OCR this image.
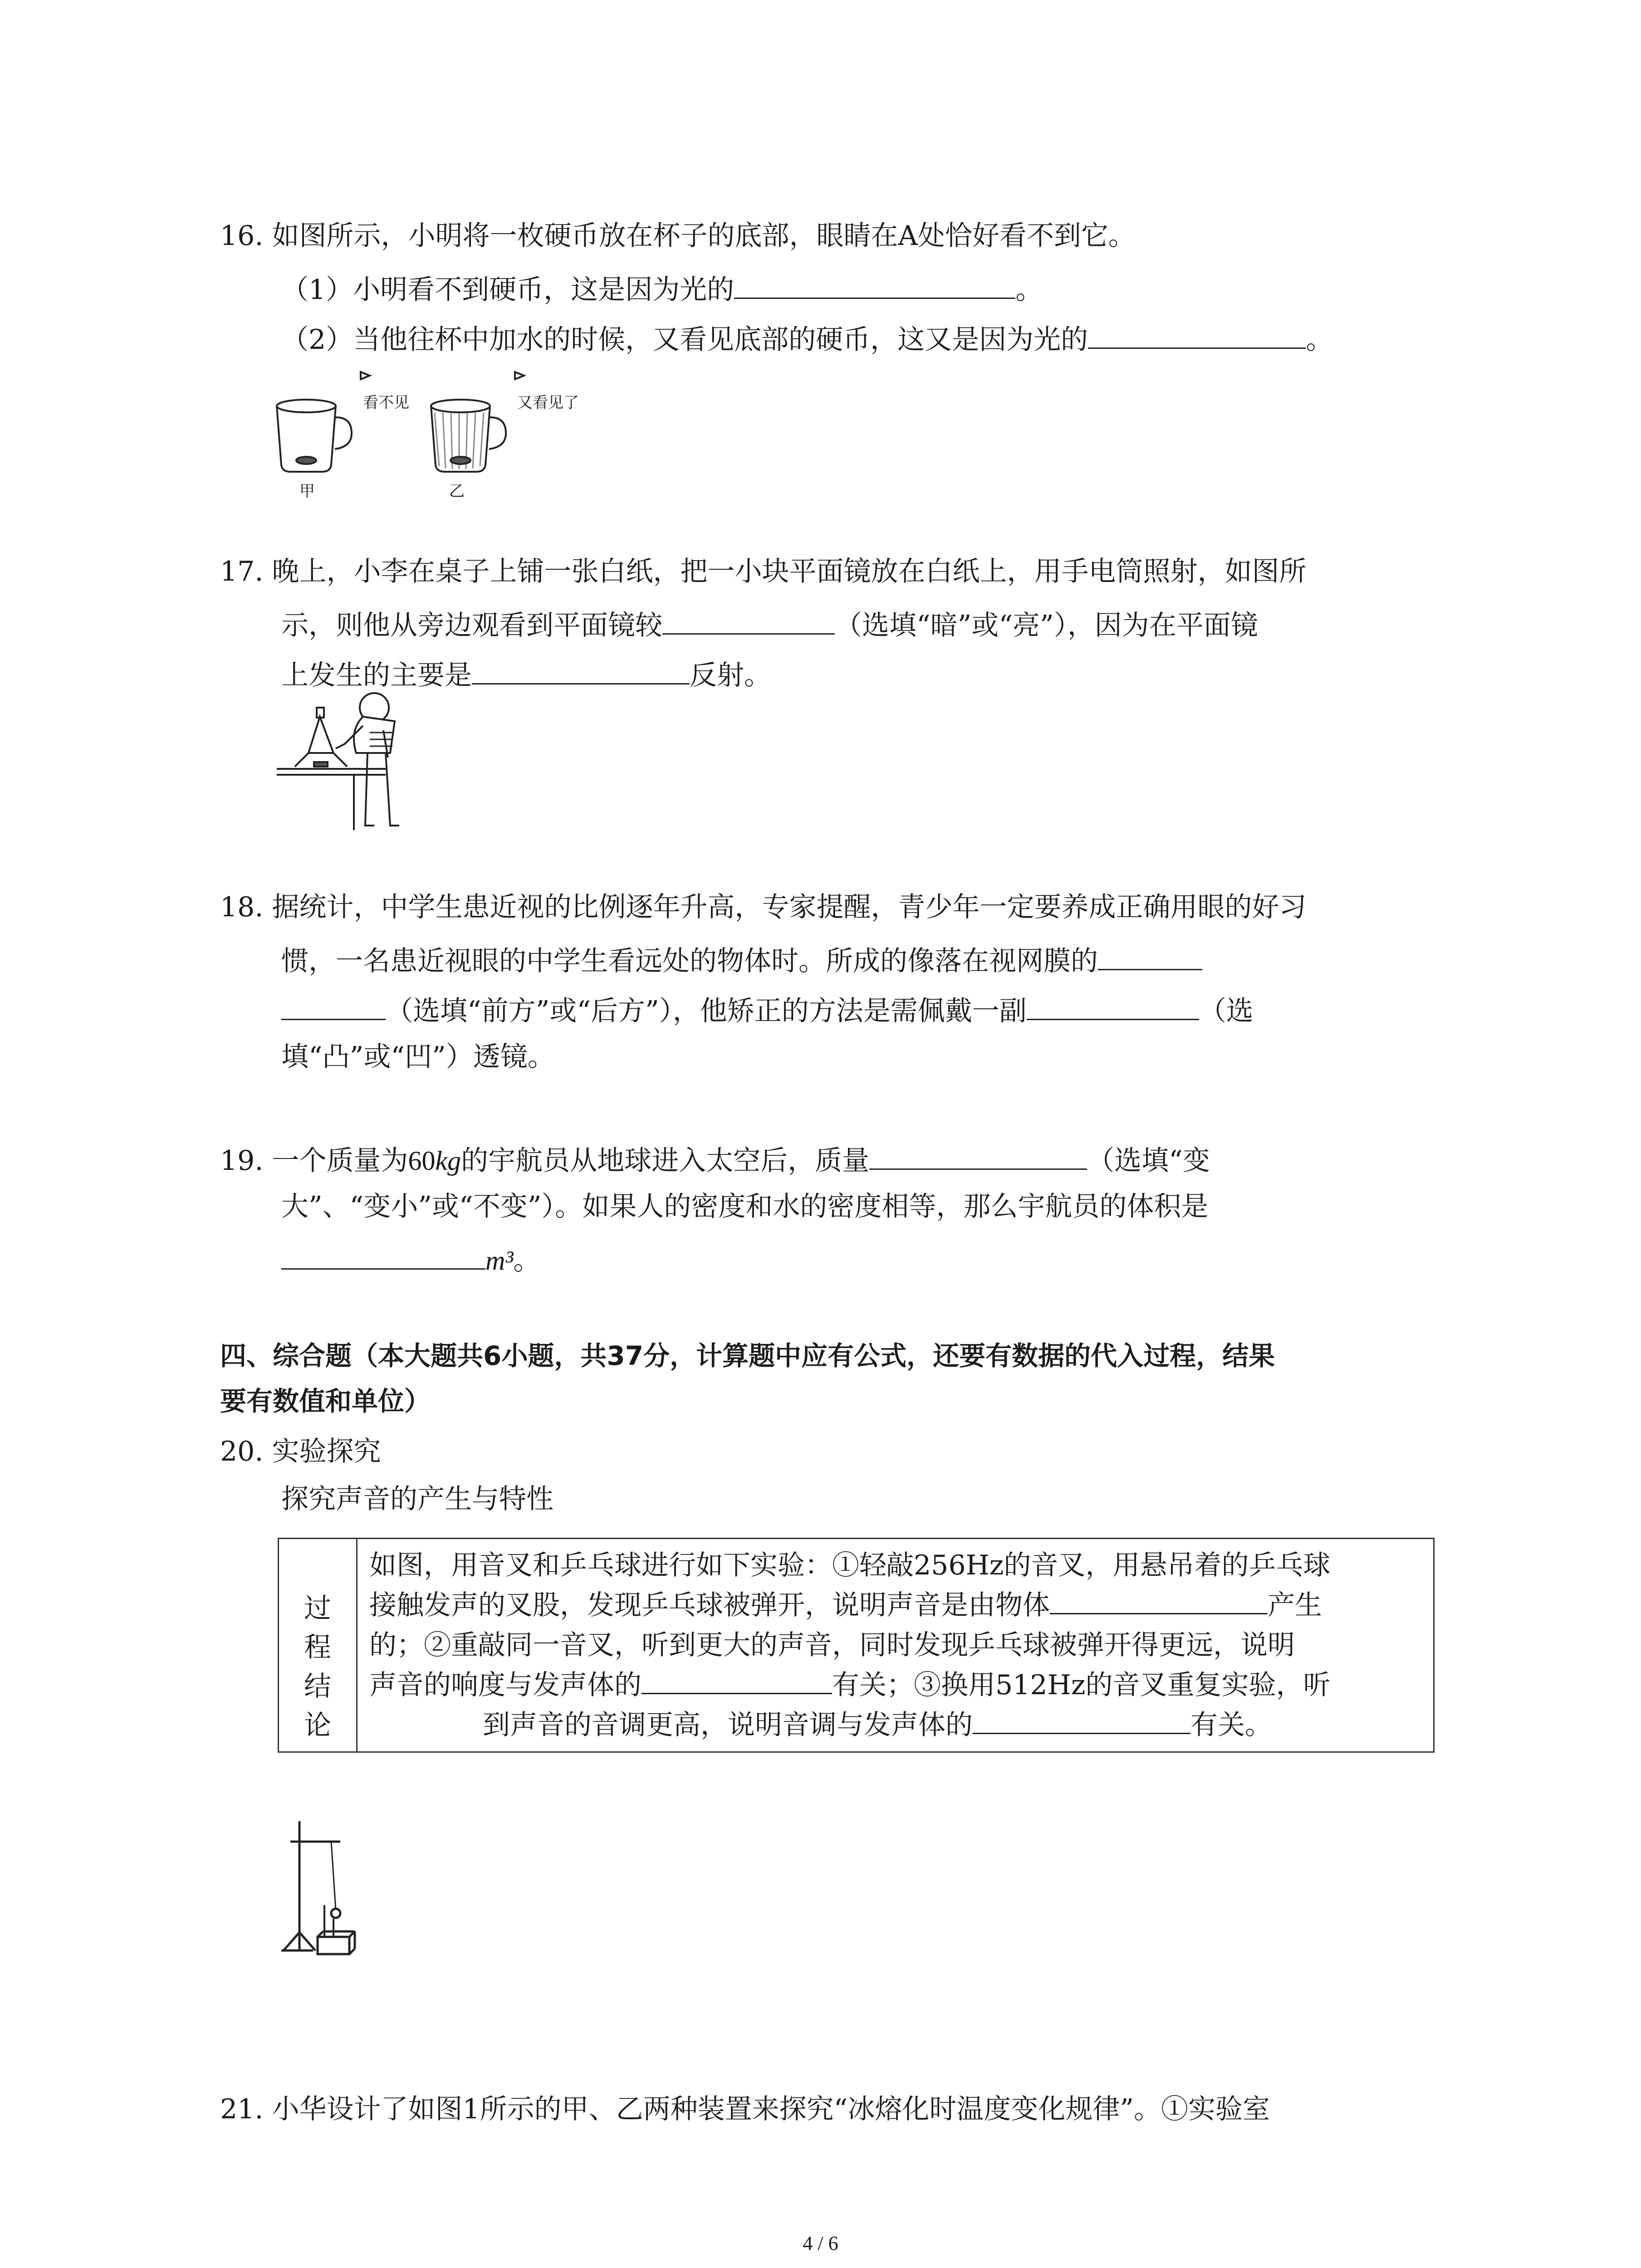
16. 如图所示，小明将一枚硬币放在杯子的底部，眼睛在A处恰好看不到它。
（1）小明看不到硬币，这是因为光的	。
（2）当他往杯中加水的时候，又看见底部的硬币，这又是因为光的	。
看不见	又看见了
甲	乙
17. 晚上，小李在桌子上铺一张白纸，把一小块平面镜放在白纸上，用手电筒照射，如图所
示，则他从旁边观看到平面镜较	（选填“暗”或“亮”），因为在平面镜
上发生的主要是	反射。
18. 据统计，中学生患近视的比例逐年升高，专家提醒，青少年一定要养成正确用眼的好习
惯，一名患近视眼的中学生看远处的物体时。所成的像落在视网膜的
（选填“前方”或“后方”），他矫正的方法是需佩戴一副	（选
填“凸”或“凹”）透镜。
19. 一个质量为60kg的宇航员从地球进入太空后，质量	（选填“变
大”、“变小”或“不变”）。如果人的密度和水的密度相等，那么宇航员的体积是
m³。
四、综合题（本大题共6小题，共37分，计算题中应有公式，还要有数据的代入过程，结果
要有数值和单位）
20. 实验探究
探究声音的产生与特性
过
程
结
论

如图，用音叉和乒乓球进行如下实验：①轻敲256Hz的音叉，用悬吊着的乒乓球
接触发声的叉股，发现乒乓球被弹开，说明声音是由物体	产生
的；②重敲同一音叉，听到更大的声音，同时发现乒乓球被弹开得更远，说明
声音的响度与发声体的	有关；③换用512Hz的音叉重复实验，听
到声音的音调更高，说明音调与发声体的	有关。
21. 小华设计了如图1所示的甲、乙两种装置来探究“冰熔化时温度变化规律”。①实验室
4 / 6
